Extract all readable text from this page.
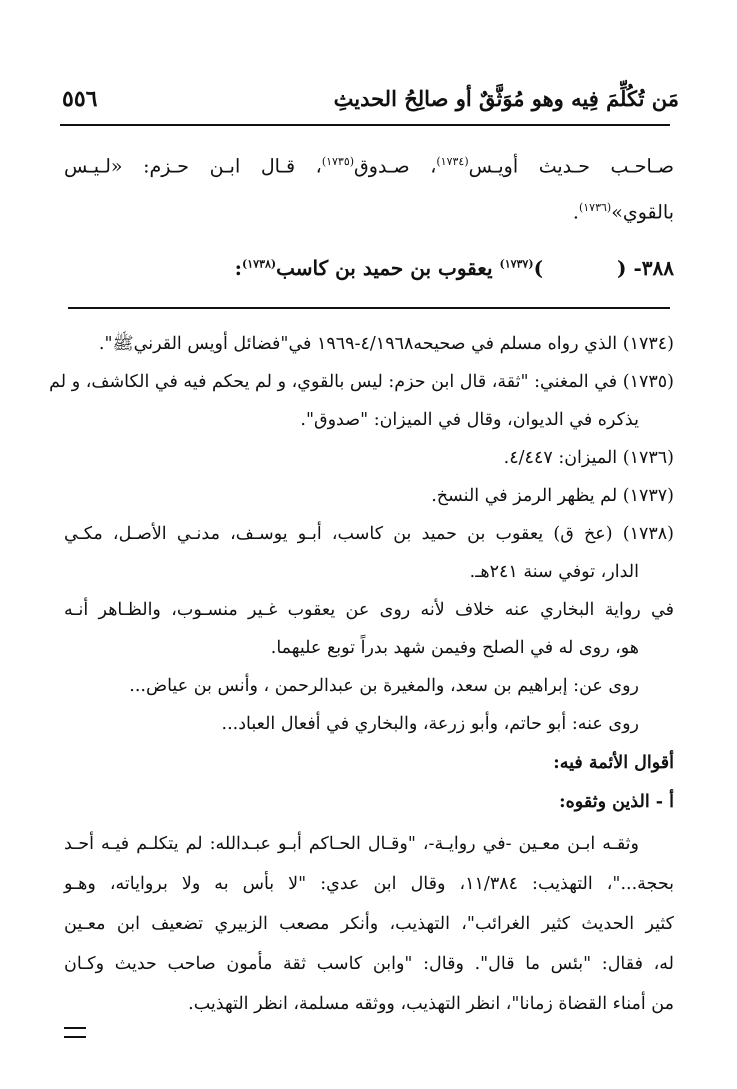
مَن تُكُلِّمَ فِيه وهو مُوَثَّقٌ أو صالِحُ الحديثِ
٥٥٦
صـاحـب حـديث أويـس$^{(١٧٣٤)}$، صـدوق$^{(١٧٣٥)}$، قـال ابـن حـزم: «لـيـس
بالقوي»$^{(١٧٣٦)}$.
٣٨٨- ()$^{(١٧٣٧)}$ يعقوب بن حميد بن كاسب$^{(١٧٣٨)}$:
(١٧٣٤) الذي رواه مسلم في صحيحه٤/١٩٦٨-١٩٦٩ في"فضائل أويس القرنيﷺ".
(١٧٣٥) في المغني: "ثقة، قال ابن حزم: ليس بالقوي، و لم يحكم فيه في الكاشف، و لم
يذكره في الديوان، وقال في الميزان: "صدوق".
(١٧٣٦) الميزان: ٤/٤٤٧.
(١٧٣٧) لم يظهر الرمز في النسخ.
(١٧٣٨) (عخ ق) يعقوب بن حميد بن كاسب، أبـو يوسـف، مدنـي الأصـل، مكـي
الدار، توفي سنة ٢٤١هـ.
في رواية البخاري عنه خلاف لأنه روى عن يعقوب غـير منسـوب، والظـاهر أنـه
هو، روى له في الصلح وفيمن شهد بدراً توبع عليهما.
روى عن: إبراهيم بن سعد، والمغيرة بن عبدالرحمن ، وأنس بن عياض...
روى عنه: أبو حاتم، وأبو زرعة، والبخاري في أفعال العباد...
أقوال الأئمة فيه:
أ - الذين وثقوه:
وثقـه ابـن معـين -في روايـة-، "وقـال الحـاكم أبـو عبـدالله: لم يتكلـم فيـه أحـد
بحجة..."، التهذيب: ١١/٣٨٤، وقال ابن عدي: "لا بأس به ولا برواياته، وهـو
كثير الحديث كثير الغرائب"، التهذيب، وأنكر مصعب الزبيري تضعيف ابن معـين
له، فقال: "بئس ما قال". وقال: "وابن كاسب ثقة مأمون صاحب حديث وكـان
من أمناء القضاة زمانا"، انظر التهذيب، ووثقه مسلمة، انظر التهذيب.
